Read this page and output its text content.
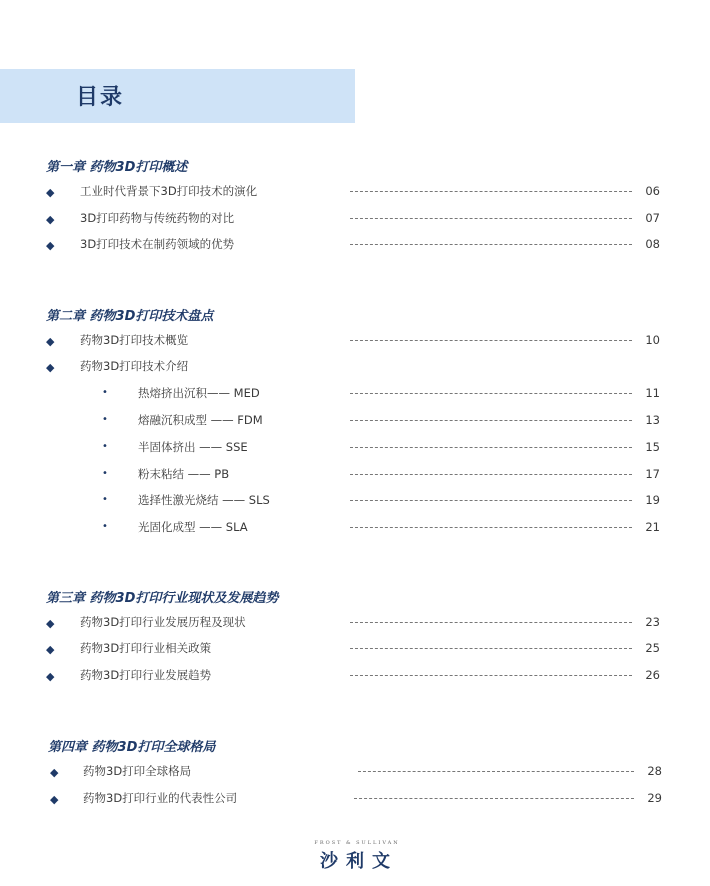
目录
第一章 药物3D打印概述
◆ 工业时代背景下3D打印技术的演化	06
◆ 3D打印药物与传统药物的对比	07
◆ 3D打印技术在制药领域的优势	08
第二章 药物3D打印技术盘点
◆ 药物3D打印技术概览	10
◆ 药物3D打印技术介绍
•	热熔挤出沉积—— MED	11
•	熔融沉积成型 —— FDM	13
•	半固体挤出 —— SSE	15
•	粉末粘结 —— PB	17
•	选择性激光烧结 —— SLS	19
•	光固化成型 —— SLA	21
第三章 药物3D打印行业现状及发展趋势
◆ 药物3D打印行业发展历程及现状	23
◆ 药物3D打印行业相关政策	25
◆ 药物3D打印行业发展趋势	26
第四章 药物3D打印全球格局
◆ 药物3D打印全球格局	28
◆ 药物3D打印行业的代表性公司	29
FROST & SULLIVAN
沙利文
